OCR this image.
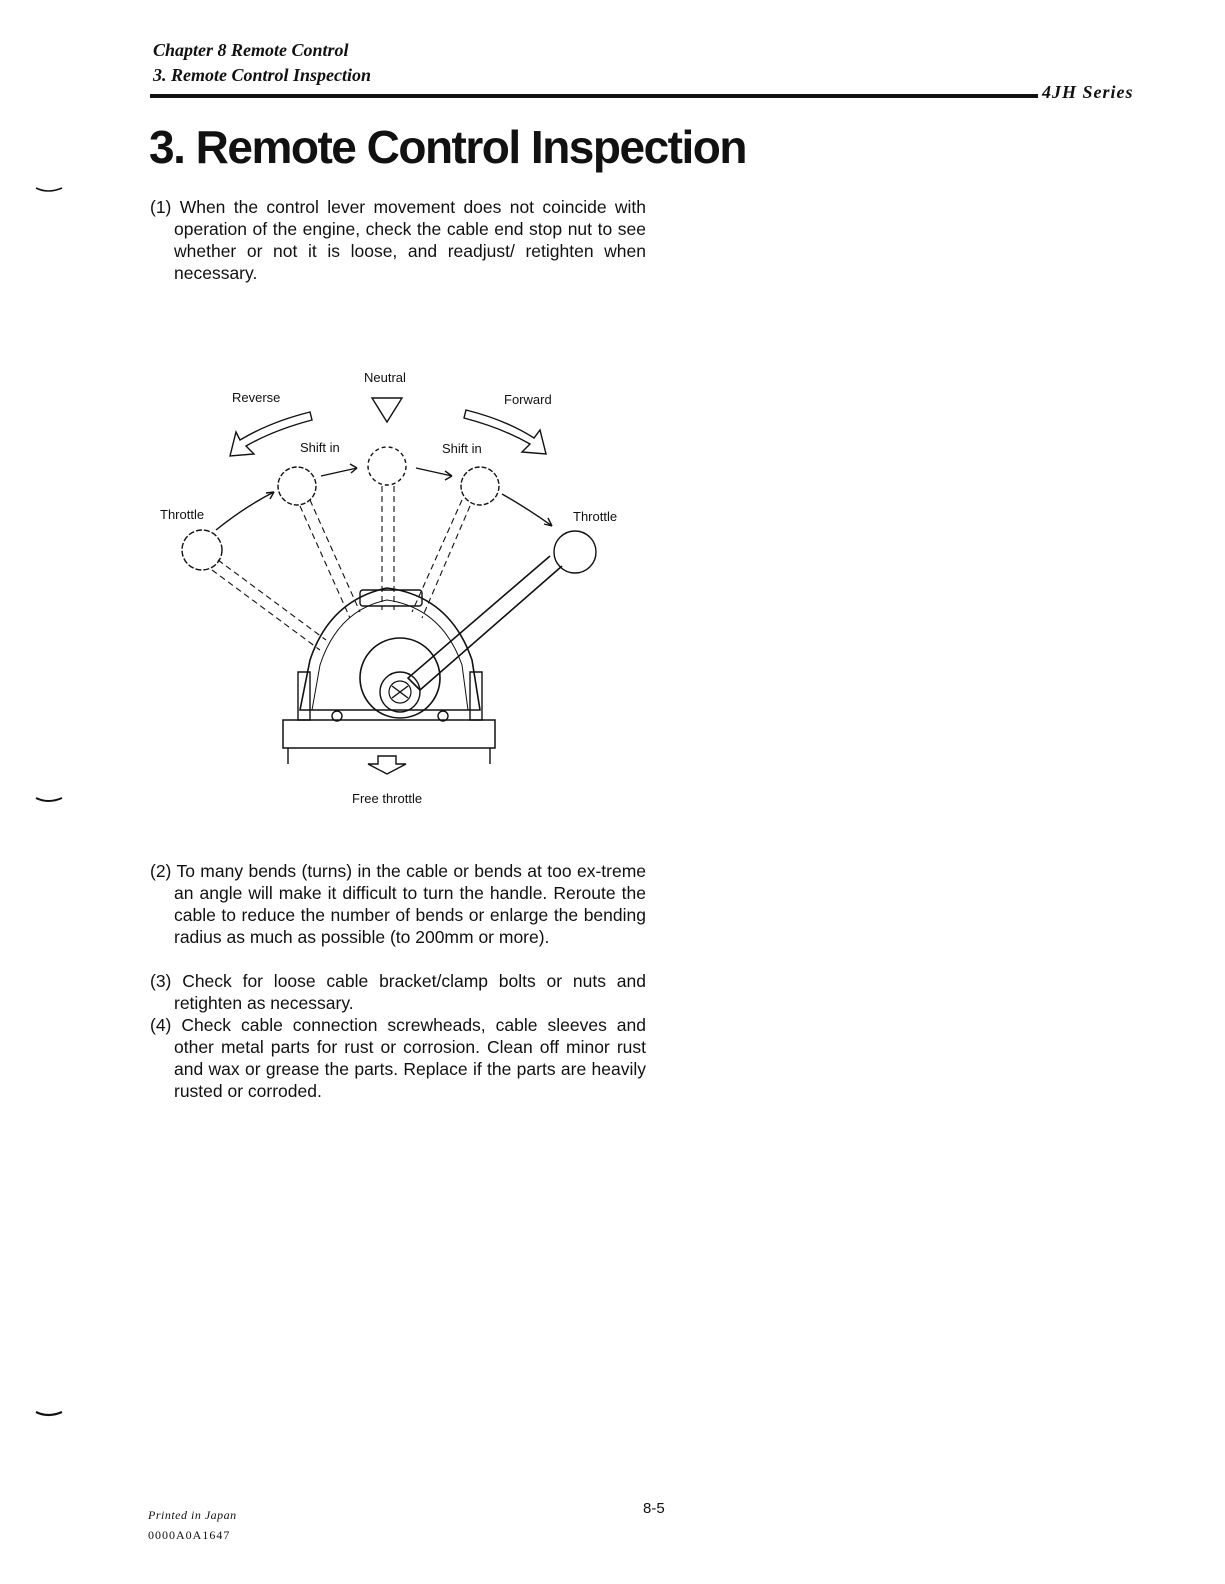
Chapter 8 Remote Control
3. Remote Control Inspection
4JH Series
3. Remote Control Inspection

(1) When the control lever movement does not coincide with operation of the engine, check the cable end stop nut to see whether or not it is loose, and readjust/ retighten when necessary.

Neutral
Reverse	Forward
Shift in	Shift in
Throttle	Throttle
Free throttle

(2) To many bends (turns) in the cable or bends at too ex-treme an angle will make it difficult to turn the handle. Reroute the cable to reduce the number of bends or enlarge the bending radius as much as possible (to 200mm or more).

(3) Check for loose cable bracket/clamp bolts or nuts and retighten as necessary.

(4) Check cable connection screwheads, cable sleeves and other metal parts for rust or corrosion. Clean off minor rust and wax or grease the parts. Replace if the parts are heavily rusted or corroded.

Printed in Japan
0000A0A1647
8-5
